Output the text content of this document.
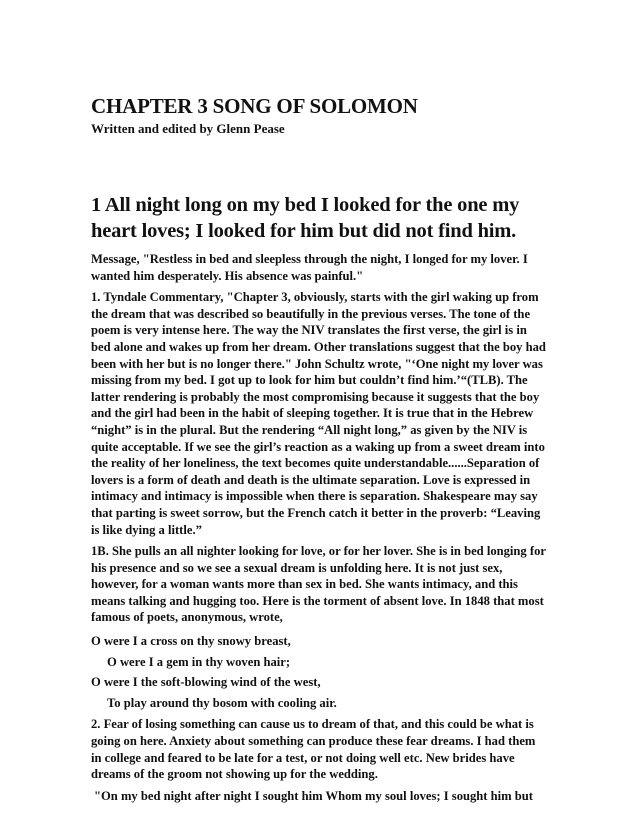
CHAPTER 3 SONG OF SOLOMON

Written and edited by Glenn Pease

1 All night long on my bed I looked for the one my heart loves; I looked for him but did not find him.

Message, "Restless in bed and sleepless through the night, I longed for my lover. I wanted him desperately. His absence was painful."

1. Tyndale Commentary, "Chapter 3, obviously, starts with the girl waking up from the dream that was described so beautifully in the previous verses. The tone of the poem is very intense here. The way the NIV translates the first verse, the girl is in bed alone and wakes up from her dream. Other translations suggest that the boy had been with her but is no longer there." John Schultz wrote, "‘One night my lover was missing from my bed. I got up to look for him but couldn’t find him.’“(TLB). The latter rendering is probably the most compromising because it suggests that the boy and the girl had been in the habit of sleeping together. It is true that in the Hebrew “night” is in the plural. But the rendering “All night long,” as given by the NIV is quite acceptable. If we see the girl’s reaction as a waking up from a sweet dream into the reality of her loneliness, the text becomes quite understandable......Separation of lovers is a form of death and death is the ultimate separation. Love is expressed in intimacy and intimacy is impossible when there is separation. Shakespeare may say that parting is sweet sorrow, but the French catch it better in the proverb: “Leaving is like dying a little.”

1B. She pulls an all nighter looking for love, or for her lover. She is in bed longing for his presence and so we see a sexual dream is unfolding here. It is not just sex, however, for a woman wants more than sex in bed. She wants intimacy, and this means talking and hugging too. Here is the torment of absent love. In 1848 that most famous of poets, anonymous, wrote,

O were I a cross on thy snowy breast,

O were I a gem in thy woven hair;

O were I the soft-blowing wind of the west,

To play around thy bosom with cooling air.

2. Fear of losing something can cause us to dream of that, and this could be what is going on here. Anxiety about something can produce these fear dreams. I had them in college and feared to be late for a test, or not doing well etc. New brides have dreams of the groom not showing up for the wedding.

"On my bed night after night I sought him Whom my soul loves; I sought him but
